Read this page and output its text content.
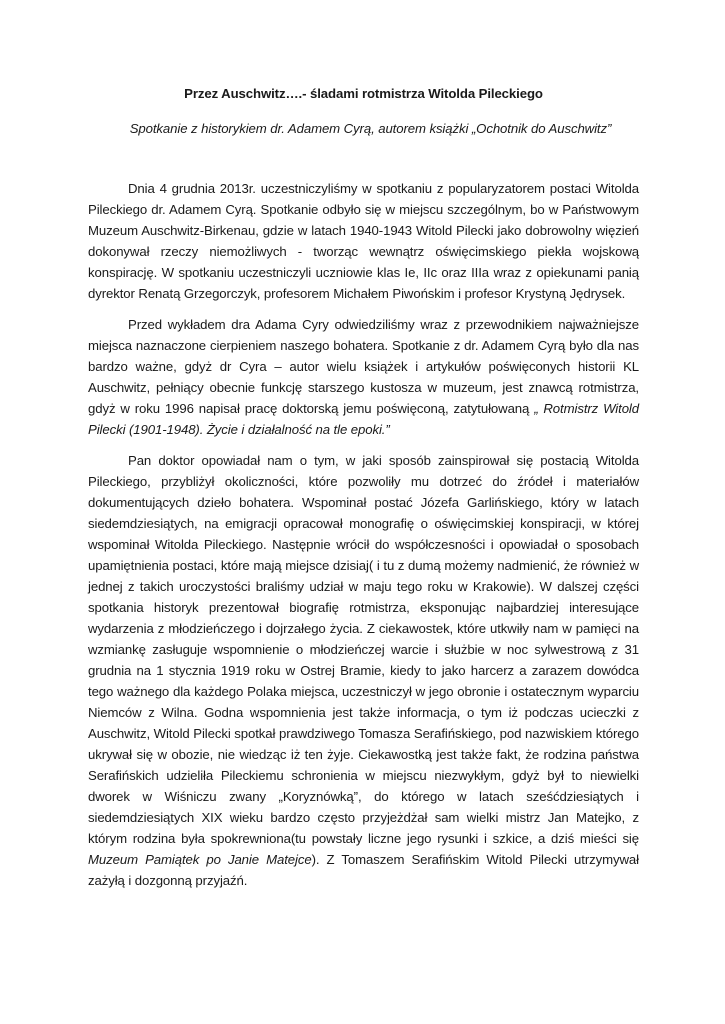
Przez Auschwitz….- śladami rotmistrza Witolda Pileckiego
Spotkanie z historykiem dr. Adamem Cyrą, autorem książki „Ochotnik do Auschwitz”

Dnia 4 grudnia 2013r. uczestniczyliśmy w spotkaniu z popularyzatorem postaci Witolda Pileckiego dr. Adamem Cyrą. Spotkanie odbyło się w miejscu szczególnym, bo w Państwowym Muzeum Auschwitz-Birkenau, gdzie w latach 1940-1943 Witold Pilecki jako dobrowolny więzień dokonywał rzeczy niemożliwych - tworząc wewnątrz oświęcimskiego piekła wojskową konspirację. W spotkaniu uczestniczyli uczniowie klas Ie, IIc oraz IIIa wraz z opiekunami panią dyrektor Renatą Grzegorczyk, profesorem Michałem Piwońskim i profesor Krystyną Jędrysek.

Przed wykładem dra Adama Cyry odwiedziliśmy wraz z przewodnikiem najważniejsze miejsca naznaczone cierpieniem naszego bohatera. Spotkanie z dr. Adamem Cyrą było dla nas bardzo ważne, gdyż dr Cyra – autor wielu książek i artykułów poświęconych historii KL Auschwitz, pełniący obecnie funkcję starszego kustosza w muzeum, jest znawcą rotmistrza, gdyż w roku 1996 napisał pracę doktorską jemu poświęconą, zatytułowaną „ Rotmistrz Witold Pilecki (1901-1948). Życie i działalność na tle epoki.”

Pan doktor opowiadał nam o tym, w jaki sposób zainspirował się postacią Witolda Pileckiego, przybliżył okoliczności, które pozwoliły mu dotrzeć do źródeł i materiałów dokumentujących dzieło bohatera. Wspominał postać Józefa Garlińskiego, który w latach siedemdziesiątych, na emigracji opracował monografię o oświęcimskiej konspiracji, w której wspominał Witolda Pileckiego. Następnie wrócił do współczesności i opowiadał o sposobach upamiętnienia postaci, które mają miejsce dzisiaj( i tu z dumą możemy nadmienić, że również w jednej z takich uroczystości braliśmy udział w maju tego roku w Krakowie). W dalszej części spotkania historyk prezentował biografię rotmistrza, eksponując najbardziej interesujące wydarzenia z młodzieńczego i dojrzałego życia. Z ciekawostek, które utkwiły nam w pamięci na wzmiankę zasługuje wspomnienie o młodzieńczej warcie i służbie w noc sylwestrową z 31 grudnia na 1 stycznia 1919 roku w Ostrej Bramie, kiedy to jako harcerz a zarazem dowódca tego ważnego dla każdego Polaka miejsca, uczestniczył w jego obronie i ostatecznym wyparciu Niemców z Wilna. Godna wspomnienia jest także informacja, o tym iż podczas ucieczki z Auschwitz, Witold Pilecki spotkał prawdziwego Tomasza Serafińskiego, pod nazwiskiem którego ukrywał się w obozie, nie wiedząc iż ten żyje. Ciekawostką jest także fakt, że rodzina państwa Serafińskich udzieliła Pileckiemu schronienia w miejscu niezwykłym, gdyż był to niewielki dworek w Wiśniczu zwany „Koryznówką”, do którego w latach sześćdziesiątych i siedemdziesiątych XIX wieku bardzo często przyjeżdżał sam wielki mistrz Jan Matejko, z którym rodzina była spokrewniona(tu powstały liczne jego rysunki i szkice, a dziś mieści się Muzeum Pamiątek po Janie Matejce). Z Tomaszem Serafińskim Witold Pilecki utrzymywał zażyłą i dozgonną przyjaźń.
